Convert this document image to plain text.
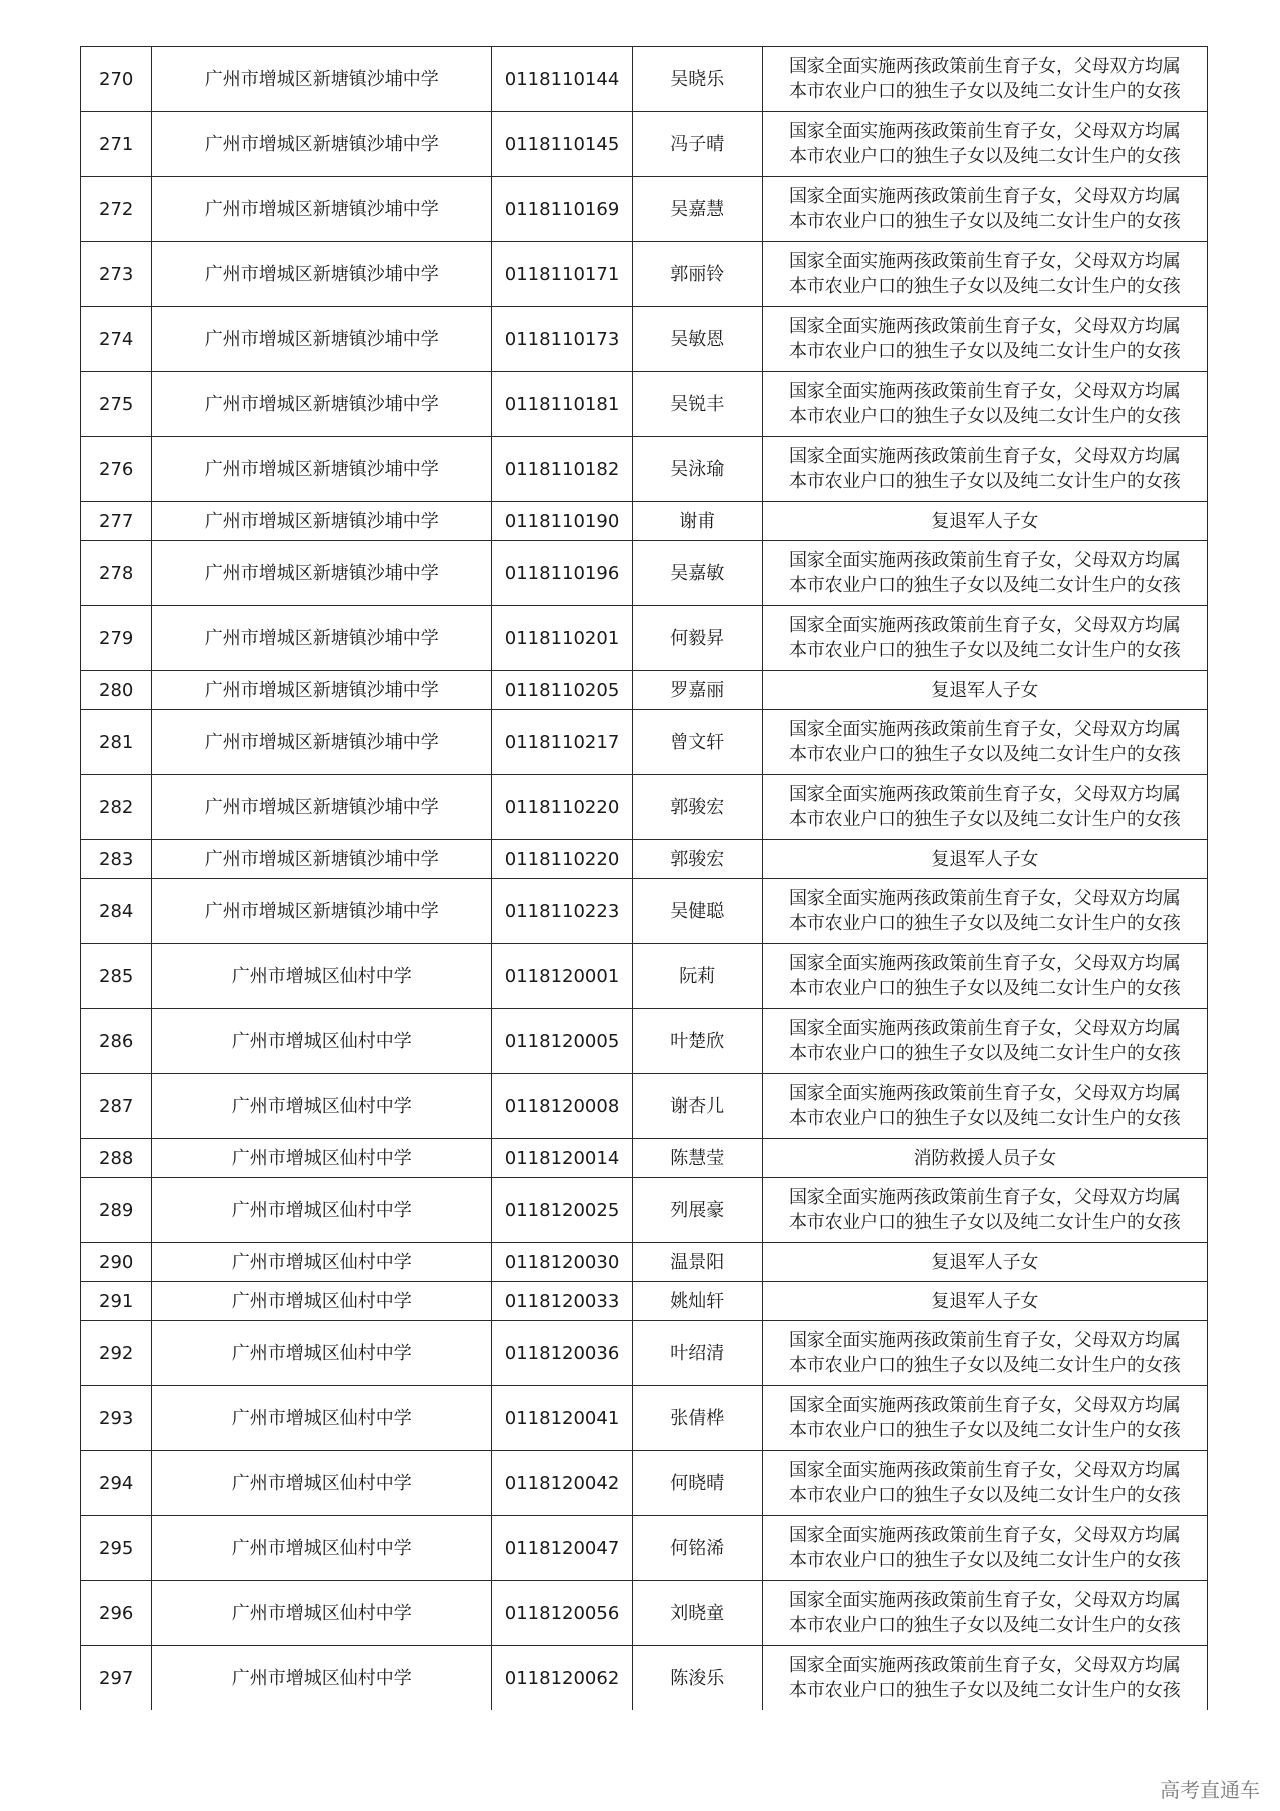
270	广州市增城区新塘镇沙埔中学	0118110144	吴晓乐	国家全面实施两孩政策前生育子女，父母双方均属
本市农业户口的独生子女以及纯二女计生户的女孩

271	广州市增城区新塘镇沙埔中学	0118110145	冯子晴	国家全面实施两孩政策前生育子女，父母双方均属
本市农业户口的独生子女以及纯二女计生户的女孩

272	广州市增城区新塘镇沙埔中学	0118110169	吴嘉慧	国家全面实施两孩政策前生育子女，父母双方均属
本市农业户口的独生子女以及纯二女计生户的女孩

273	广州市增城区新塘镇沙埔中学	0118110171	郭丽铃	国家全面实施两孩政策前生育子女，父母双方均属
本市农业户口的独生子女以及纯二女计生户的女孩

274	广州市增城区新塘镇沙埔中学	0118110173	吴敏恩	国家全面实施两孩政策前生育子女，父母双方均属
本市农业户口的独生子女以及纯二女计生户的女孩

275	广州市增城区新塘镇沙埔中学	0118110181	吴锐丰	国家全面实施两孩政策前生育子女，父母双方均属
本市农业户口的独生子女以及纯二女计生户的女孩

276	广州市增城区新塘镇沙埔中学	0118110182	吴泳瑜	国家全面实施两孩政策前生育子女，父母双方均属
本市农业户口的独生子女以及纯二女计生户的女孩

277	广州市增城区新塘镇沙埔中学	0118110190	谢甫	复退军人子女

278	广州市增城区新塘镇沙埔中学	0118110196	吴嘉敏	国家全面实施两孩政策前生育子女，父母双方均属
本市农业户口的独生子女以及纯二女计生户的女孩

279	广州市增城区新塘镇沙埔中学	0118110201	何毅昇	国家全面实施两孩政策前生育子女，父母双方均属
本市农业户口的独生子女以及纯二女计生户的女孩

280	广州市增城区新塘镇沙埔中学	0118110205	罗嘉丽	复退军人子女

281	广州市增城区新塘镇沙埔中学	0118110217	曾文轩	国家全面实施两孩政策前生育子女，父母双方均属
本市农业户口的独生子女以及纯二女计生户的女孩

282	广州市增城区新塘镇沙埔中学	0118110220	郭骏宏	国家全面实施两孩政策前生育子女，父母双方均属
本市农业户口的独生子女以及纯二女计生户的女孩

283	广州市增城区新塘镇沙埔中学	0118110220	郭骏宏	复退军人子女

284	广州市增城区新塘镇沙埔中学	0118110223	吴健聪	国家全面实施两孩政策前生育子女，父母双方均属
本市农业户口的独生子女以及纯二女计生户的女孩

285	广州市增城区仙村中学	0118120001	阮莉	国家全面实施两孩政策前生育子女，父母双方均属
本市农业户口的独生子女以及纯二女计生户的女孩

286	广州市增城区仙村中学	0118120005	叶楚欣	国家全面实施两孩政策前生育子女，父母双方均属
本市农业户口的独生子女以及纯二女计生户的女孩

287	广州市增城区仙村中学	0118120008	谢杏儿	国家全面实施两孩政策前生育子女，父母双方均属
本市农业户口的独生子女以及纯二女计生户的女孩

288	广州市增城区仙村中学	0118120014	陈慧莹	消防救援人员子女

289	广州市增城区仙村中学	0118120025	列展豪	国家全面实施两孩政策前生育子女，父母双方均属
本市农业户口的独生子女以及纯二女计生户的女孩

290	广州市增城区仙村中学	0118120030	温景阳	复退军人子女

291	广州市增城区仙村中学	0118120033	姚灿轩	复退军人子女

292	广州市增城区仙村中学	0118120036	叶绍清	国家全面实施两孩政策前生育子女，父母双方均属
本市农业户口的独生子女以及纯二女计生户的女孩

293	广州市增城区仙村中学	0118120041	张倩桦	国家全面实施两孩政策前生育子女，父母双方均属
本市农业户口的独生子女以及纯二女计生户的女孩

294	广州市增城区仙村中学	0118120042	何晓晴	国家全面实施两孩政策前生育子女，父母双方均属
本市农业户口的独生子女以及纯二女计生户的女孩

295	广州市增城区仙村中学	0118120047	何铭浠	国家全面实施两孩政策前生育子女，父母双方均属
本市农业户口的独生子女以及纯二女计生户的女孩

296	广州市增城区仙村中学	0118120056	刘晓童	国家全面实施两孩政策前生育子女，父母双方均属
本市农业户口的独生子女以及纯二女计生户的女孩

297	广州市增城区仙村中学	0118120062	陈浚乐	国家全面实施两孩政策前生育子女，父母双方均属
本市农业户口的独生子女以及纯二女计生户的女孩
高考直通车
